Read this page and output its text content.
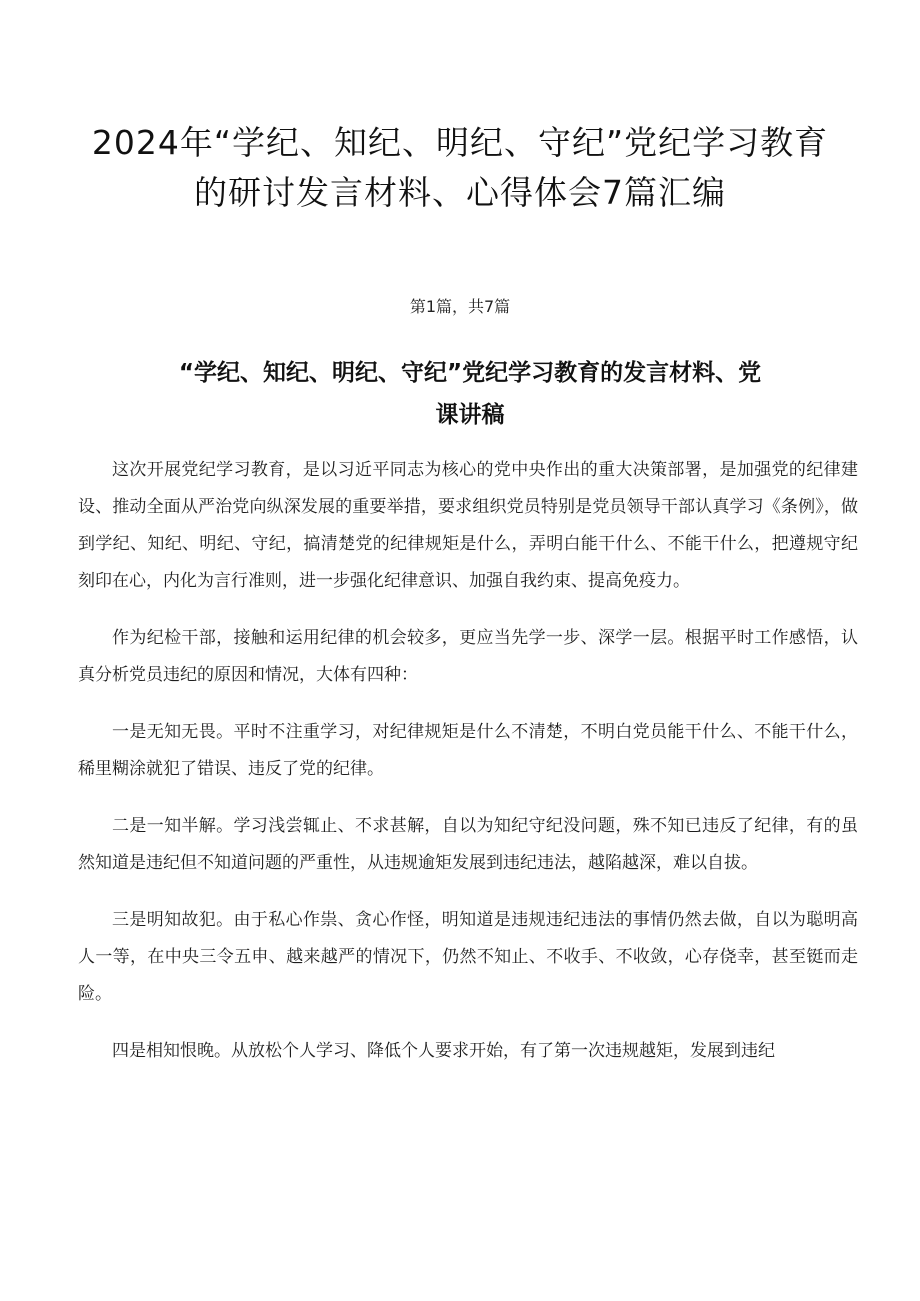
2024年“学纪、知纪、明纪、守纪”党纪学习教育
的研讨发言材料、心得体会7篇汇编
第1篇，共7篇
“学纪、知纪、明纪、守纪”党纪学习教育的发言材料、党
课讲稿

这次开展党纪学习教育，是以习近平同志为核心的党中央作出的重大决策部署，是加强党的纪律建设、推动全面从严治党向纵深发展的重要举措，要求组织党员特别是党员领导干部认真学习《条例》，做到学纪、知纪、明纪、守纪，搞清楚党的纪律规矩是什么，弄明白能干什么、不能干什么，把遵规守纪刻印在心，内化为言行准则，进一步强化纪律意识、加强自我约束、提高免疫力。

作为纪检干部，接触和运用纪律的机会较多，更应当先学一步、深学一层。根据平时工作感悟，认真分析党员违纪的原因和情况，大体有四种：

一是无知无畏。平时不注重学习，对纪律规矩是什么不清楚，不明白党员能干什么、不能干什么，稀里糊涂就犯了错误、违反了党的纪律。

二是一知半解。学习浅尝辄止、不求甚解，自以为知纪守纪没问题，殊不知已违反了纪律，有的虽然知道是违纪但不知道问题的严重性，从违规逾矩发展到违纪违法，越陷越深，难以自拔。

三是明知故犯。由于私心作祟、贪心作怪，明知道是违规违纪违法的事情仍然去做，自以为聪明高人一等，在中央三令五申、越来越严的情况下，仍然不知止、不收手、不收敛，心存侥幸，甚至铤而走险。

四是相知恨晚。从放松个人学习、降低个人要求开始，有了第一次违规越矩，发展到违纪
